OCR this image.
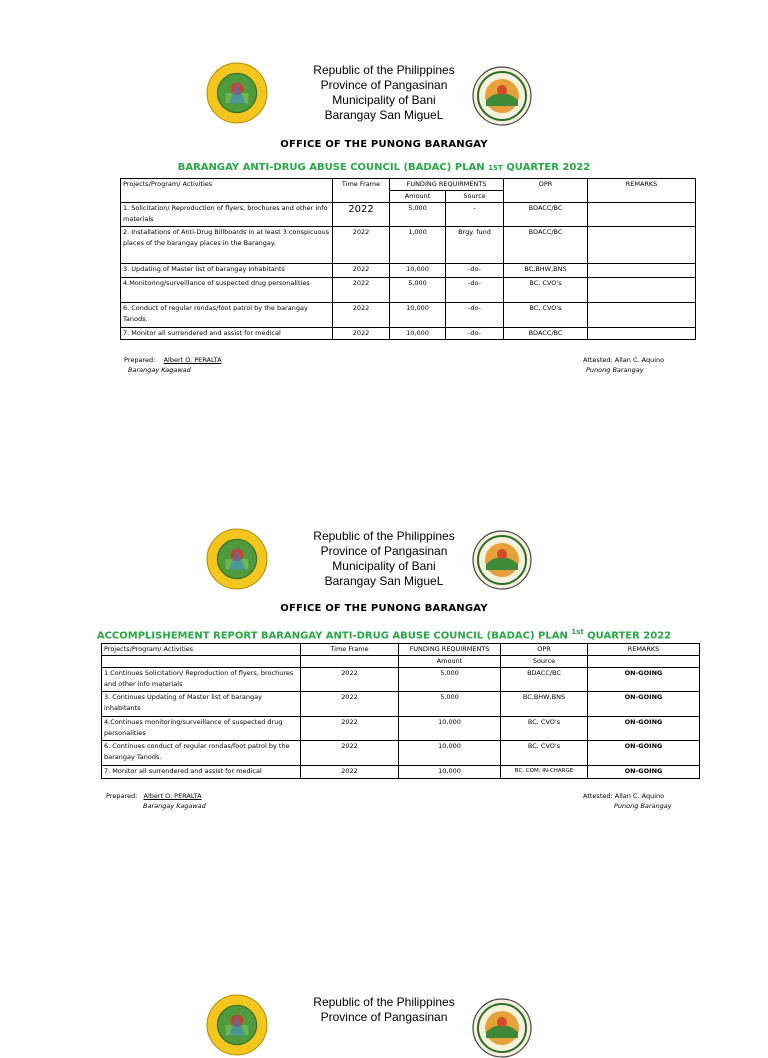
Republic of the Philippines
Province of Pangasinan
Municipality of Bani
Barangay San MigueL
OFFICE OF THE PUNONG BARANGAY
BARANGAY ANTI-DRUG ABUSE COUNCIL (BADAC) PLAN 1ST QUARTER 2022
Projects/Program/ Activities	Time Frame	FUNDING REQUIRMENTS		OPR	REMARKS
		Amount	Source		
1. Solicitation/ Reproduction of flyers, brochures and other info materials	2022	5,000	-	BDACC/BC	
2. Installations of Anti-Drug Billboards in at least 3 conspicuous places of the barangay places in the Barangay.	2022	1,000	Brgy. fund	BDACC/BC	
3. Updating of Master list of barangay inhabitants	2022	10,000	-do-	BC,BHW,BNS	
4.Monitoring/surveillance of suspected drug personalities	2022	5,000	-do-	BC, CVO's	
6. Conduct of regular rondas/foot patrol by the barangay Tanods.	2022	10,000	-do-	BC, CVO's	
7. Monitor all surrendered and assist for medical	2022	10,000	-do-	BDACC/BC	
Prepared: Albert O. PERALTA
Barangay Kagawad
Attested: Allan C. Aquino
Punong Barangay
Republic of the Philippines
Province of Pangasinan
Municipality of Bani
Barangay San MigueL
OFFICE OF THE PUNONG BARANGAY
ACCOMPLISHEMENT REPORT BARANGAY ANTI-DRUG ABUSE COUNCIL (BADAC) PLAN $^{1st}$ QUARTER 2022
Projects/Program/ Activities	Time Frame	FUNDING REQUIRMENTS	OPR	REMARKS
		Amount	Source	
1.Continues Solicitation/ Reproduction of flyers, brochures and other info materials	2022	5,000	BDACC/BC	ON-GOING
3. Continues Updating of Master list of barangay inhabitants	2022	5,000	BC,BHW,BNS	ON-GOING
4.Continues monitoring/surveillance of suspected drug personalities	2022	10,000	BC, CVO's	ON-GOING
6. Continues conduct of regular rondas/foot patrol by the barangay Tanods.	2022	10,000	BC, CVO's	ON-GOING
7. Monitor all surrendered and assist for medical	2022	10,000	BC, COM. IN-CHARGE	ON-GOING
Prepared: Albert O. PERALTA
Barangay Kagawad
Attested: Allan C. Aquino
Punong Barangay
Republic of the Philippines
Province of Pangasinan
